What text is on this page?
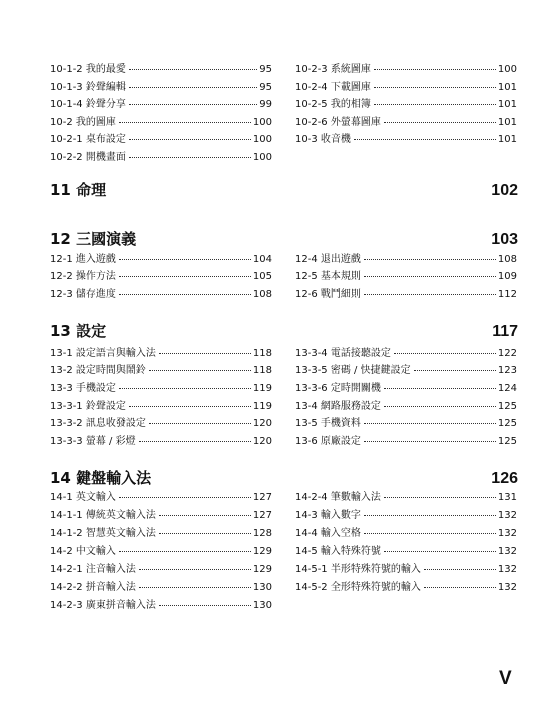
10-1-2 我的最愛	95
10-1-3 鈴聲編輯	95
10-1-4 鈴聲分享	99
10-2 我的圖庫	100
10-2-1 桌布設定	100
10-2-2 開機畫面	100
10-2-3 系統圖庫	100
10-2-4 下載圖庫	101
10-2-5 我的相簿	101
10-2-6 外螢幕圖庫	101
10-3 收音機	101
11 命理	102
12 三國演義	103
12-1 進入遊戲	104
12-2 操作方法	105
12-3 儲存進度	108
12-4 退出遊戲	108
12-5 基本規則	109
12-6 戰鬥細則	112
13 設定	117
13-1 設定語言與輸入法	118
13-2 設定時間與鬧鈴	118
13-3 手機設定	119
13-3-1 鈴聲設定	119
13-3-2 訊息收發設定	120
13-3-3 螢幕 / 彩燈	120
13-3-4 電話接聽設定	122
13-3-5 密碼 / 快捷鍵設定	123
13-3-6 定時開關機	124
13-4 網路服務設定	125
13-5 手機資料	125
13-6 原廠設定	125
14 鍵盤輸入法	126
14-1 英文輸入	127
14-1-1 傳統英文輸入法	127
14-1-2 智慧英文輸入法	128
14-2 中文輸入	129
14-2-1 注音輸入法	129
14-2-2 拼音輸入法	130
14-2-3 廣東拼音輸入法	130
14-2-4 筆數輸入法	131
14-3 輸入數字	132
14-4 輸入空格	132
14-5 輸入特殊符號	132
14-5-1 半形特殊符號的輸入	132
14-5-2 全形特殊符號的輸入	132
V
